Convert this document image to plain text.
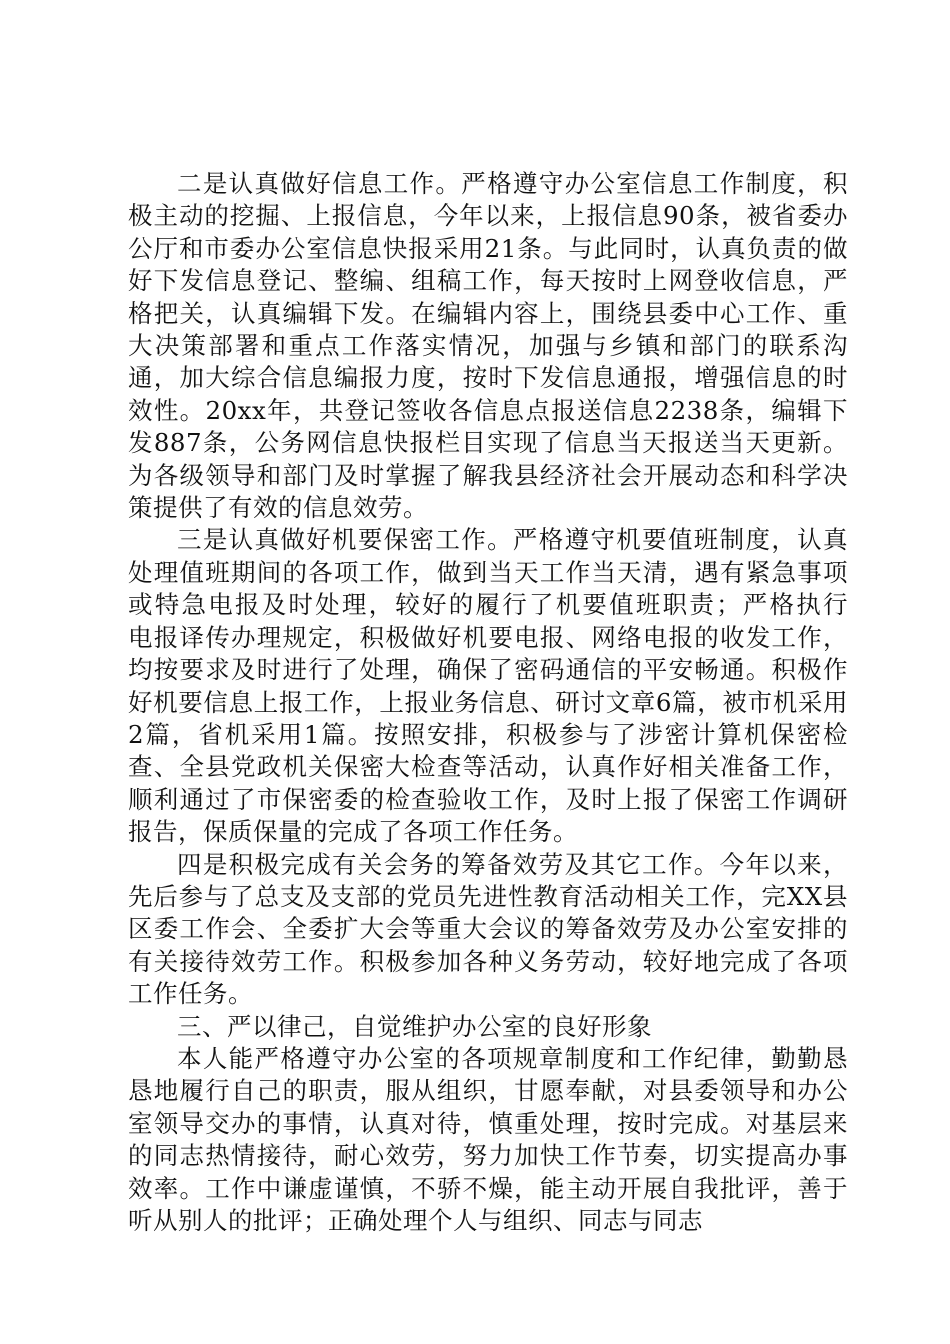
二是认真做好信息工作。严格遵守办公室信息工作制度，积极主动的挖掘、上报信息，今年以来，上报信息90条，被省委办公厅和市委办公室信息快报采用21条。与此同时，认真负责的做好下发信息登记、整编、组稿工作，每天按时上网登收信息，严格把关，认真编辑下发。在编辑内容上，围绕县委中心工作、重大决策部署和重点工作落实情况，加强与乡镇和部门的联系沟通，加大综合信息编报力度，按时下发信息通报，增强信息的时效性。20xx年，共登记签收各信息点报送信息2238条，编辑下发887条，公务网信息快报栏目实现了信息当天报送当天更新。为各级领导和部门及时掌握了解我县经济社会开展动态和科学决策提供了有效的信息效劳。

三是认真做好机要保密工作。严格遵守机要值班制度，认真处理值班期间的各项工作，做到当天工作当天清，遇有紧急事项或特急电报及时处理，较好的履行了机要值班职责；严格执行　 电报译传办理规定，积极做好机要电报、网络电报的收发工作，均按要求及时进行了处理，确保了密码通信的平安畅通。积极作好机要信息上报工作，上报业务信息、研讨文章6篇，被市机采用2篇，省机采用1篇。按照安排，积极参与了涉密计算机保密检查、全县党政机关保密大检查等活动，认真作好相关准备工作，顺利通过了市保密委的检查验收工作，及时上报了保密工作调研报告，保质保量的完成了各项工作任务。

四是积极完成有关会务的筹备效劳及其它工作。今年以来，先后参与了总支及支部的党员先进性教育活动相关工作，完XX县区委工作会、全委扩大会等重大会议的筹备效劳及办公室安排的有关接待效劳工作。积极参加各种义务劳动，较好地完成了各项工作任务。

三、严以律己，自觉维护办公室的良好形象

本人能严格遵守办公室的各项规章制度和工作纪律，勤勤恳恳地履行自己的职责，服从组织，甘愿奉献，对县委领导和办公室领导交办的事情，认真对待，慎重处理，按时完成。对基层来的同志热情接待，耐心效劳，努力加快工作节奏，切实提高办事效率。工作中谦虚谨慎，不骄不燥，能主动开展自我批评，善于听从别人的批评；正确处理个人与组织、同志与同志
